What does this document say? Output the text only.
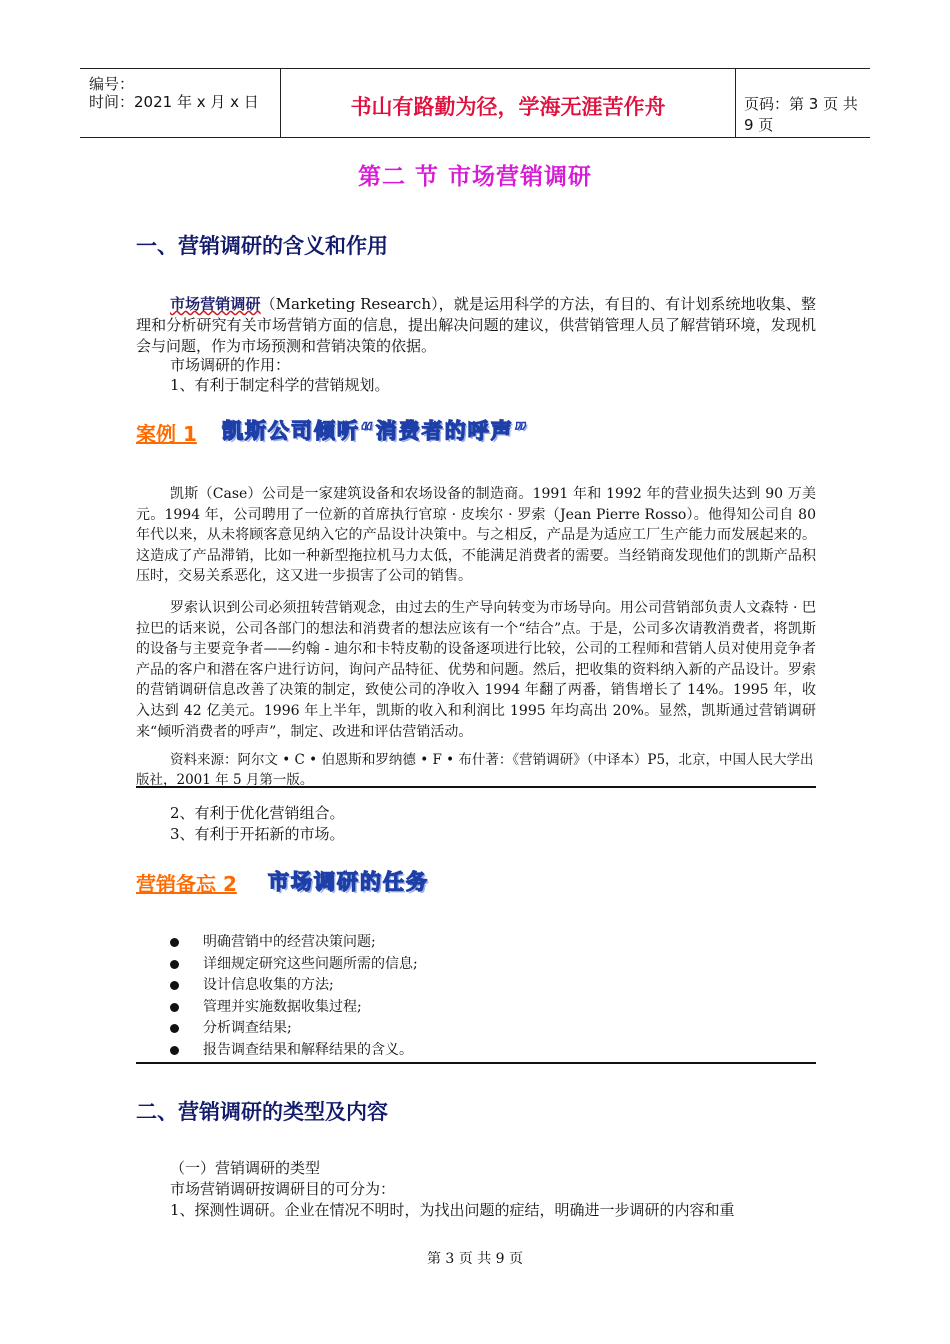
编号：
时间：2021 年 x 月 x 日	书山有路勤为径，学海无涯苦作舟	页码：第 3 页 共 9 页
第二 节 市场营销调研
一、营销调研的含义和作用
市场营销调研（Marketing Research），就是运用科学的方法，有目的、有计划系统地收集、整理和分析研究有关市场营销方面的信息，提出解决问题的建议，供营销管理人员了解营销环境，发现机会与问题，作为市场预测和营销决策的依据。
市场调研的作用：
1、有利于制定科学的营销规划。
案例 1 凯斯公司倾听“消费者的呼声”
凯斯（Case）公司是一家建筑设备和农场设备的制造商。1991 年和 1992 年的营业损失达到 90 万美元。1994 年，公司聘用了一位新的首席执行官琼 · 皮埃尔 · 罗索（Jean Pierre Rosso）。他得知公司自 80 年代以来，从未将顾客意见纳入它的产品设计决策中。与之相反，产品是为适应工厂生产能力而发展起来的。这造成了产品滞销，比如一种新型拖拉机马力太低，不能满足消费者的需要。当经销商发现他们的凯斯产品积压时，交易关系恶化，这又进一步损害了公司的销售。
罗索认识到公司必须扭转营销观念，由过去的生产导向转变为市场导向。用公司营销部负责人文森特 · 巴拉巴的话来说，公司各部门的想法和消费者的想法应该有一个“结合”点。于是，公司多次请教消费者，将凯斯的设备与主要竞争者——约翰 - 迪尔和卡特皮勒的设备逐项进行比较，公司的工程师和营销人员对使用竞争者产品的客户和潜在客户进行访问，询问产品特征、优势和问题。然后，把收集的资料纳入新的产品设计。罗索的营销调研信息改善了决策的制定，致使公司的净收入 1994 年翻了两番，销售增长了 14%。1995 年，收入达到 42 亿美元。1996 年上半年，凯斯的收入和利润比 1995 年均高出 20%。显然，凯斯通过营销调研来“倾听消费者的呼声”，制定、改进和评估营销活动。
资料来源：阿尔文 • C • 伯恩斯和罗纳德 • F • 布什著：《营销调研》（中译本）P5，北京，中国人民大学出版社，2001 年 5 月第一版。
2、有利于优化营销组合。
3、有利于开拓新的市场。
营销备忘 2 市场调研的任务
明确营销中的经营决策问题;
详细规定研究这些问题所需的信息;
设计信息收集的方法;
管理并实施数据收集过程;
分析调查结果;
报告调查结果和解释结果的含义。
二、营销调研的类型及内容
（一）营销调研的类型
市场营销调研按调研目的可分为：
1、探测性调研。企业在情况不明时，为找出问题的症结，明确进一步调研的内容和重
第 3 页 共 9 页
